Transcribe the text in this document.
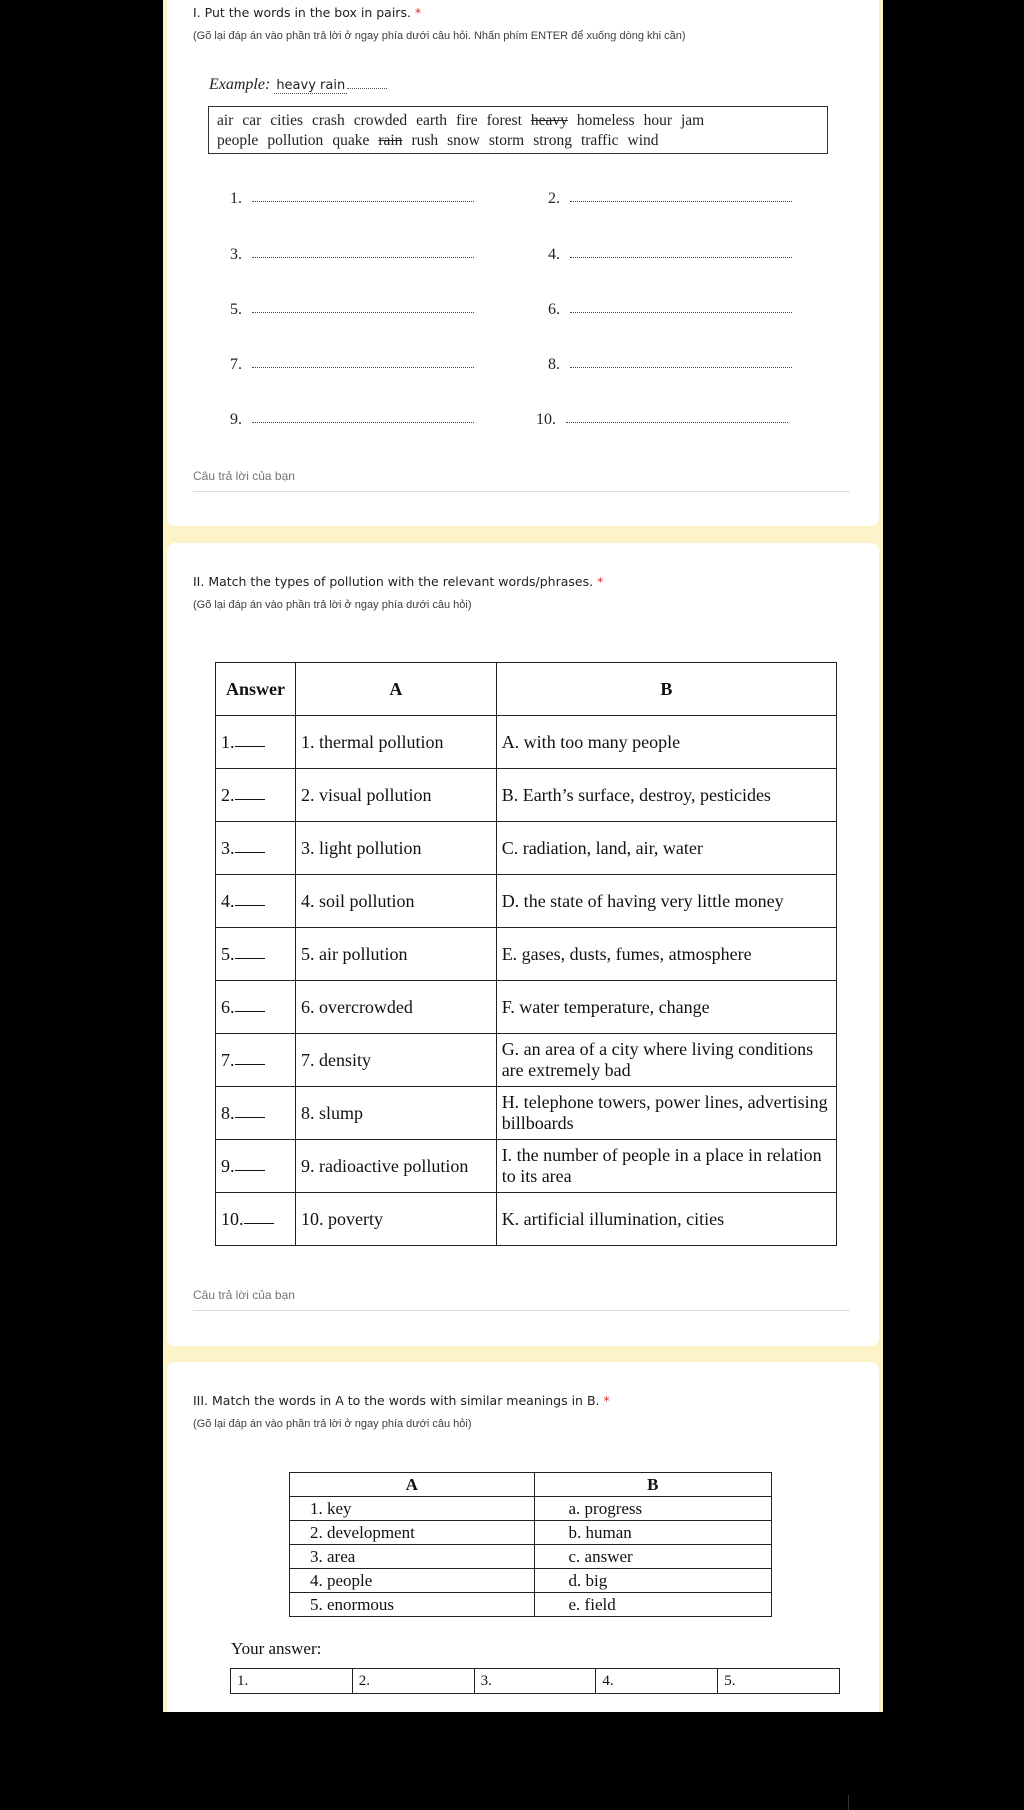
I. Put the words in the box in pairs. *
(Gõ lại đáp án vào phần trả lời ở ngay phía dưới câu hỏi. Nhấn phím ENTER để xuống dòng khi cần)
Example: heavy rain
air car cities crash crowded earth fire forest heavy homeless hour jam
people pollution quake rain rush snow storm strong traffic wind
1.	2.
3.	4.
5.	6.
7.	8.
9.	10.
Câu trả lời của bạn
II. Match the types of pollution with the relevant words/phrases. *
(Gõ lại đáp án vào phần trả lời ở ngay phía dưới câu hỏi)
Answer	A	B
1.	1. thermal pollution	A. with too many people
2.	2. visual pollution	B. Earth’s surface, destroy, pesticides
3.	3. light pollution	C. radiation, land, air, water
4.	4. soil pollution	D. the state of having very little money
5.	5. air pollution	E. gases, dusts, fumes, atmosphere
6.	6. overcrowded	F. water temperature, change
7.	7. density	G. an area of a city where living conditions are extremely bad
8.	8. slump	H. telephone towers, power lines, advertising billboards
9.	9. radioactive pollution	I. the number of people in a place in relation to its area
10.	10. poverty	K. artificial illumination, cities
Câu trả lời của bạn
III. Match the words in A to the words with similar meanings in B. *
(Gõ lại đáp án vào phần trả lời ở ngay phía dưới câu hỏi)
A	B
1. key	a. progress
2. development	b. human
3. area	c. answer
4. people	d. big
5. enormous	e. field
Your answer:
1.	2.	3.	4.	5.
